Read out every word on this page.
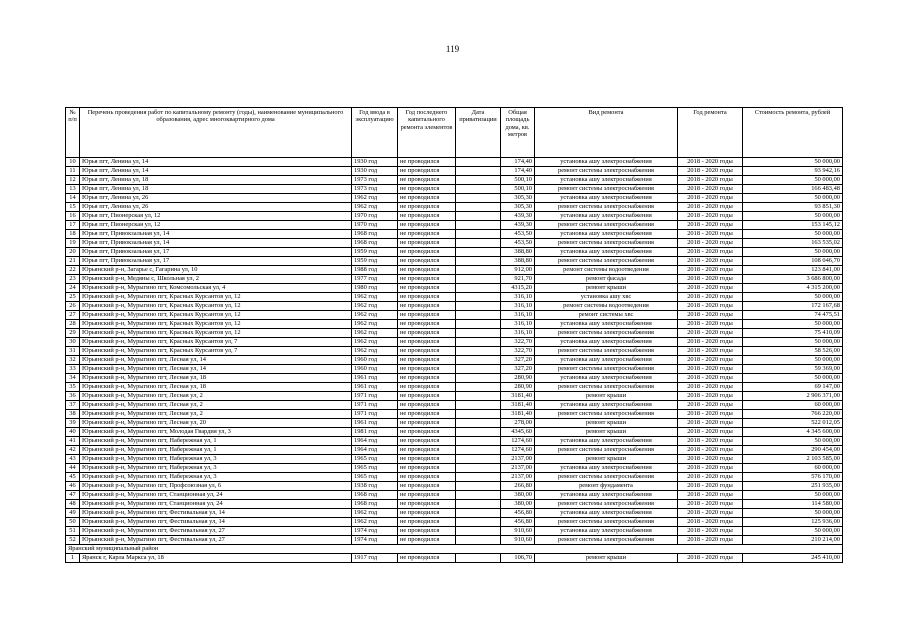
119
№ п/п	Перечень проведения работ по капитальному ремонту (годы), наименование муниципального образования, адрес многоквартирного дома	Год ввода в эксплуатацию	Год последнего капитального ремонта элементов	Дата приватизации	Общая площадь дома, кв. метров	Вид ремонта	Год ремонта	Стоимость ремонта, рублей
10	Юрья пгт, Ленина ул, 14	1930 год	не проводился		174,40	установка ашу электроснабжения	2018 - 2020 годы	50 000,00
11	Юрья пгт, Ленина ул, 14	1930 год	не проводился		174,40	ремонт системы электроснабжения	2018 - 2020 годы	93 942,16
12	Юрья пгт, Ленина ул, 18	1973 год	не проводился		500,10	установка ашу электроснабжения	2018 - 2020 годы	50 000,00
13	Юрья пгт, Ленина ул, 18	1973 год	не проводился		500,10	ремонт системы электроснабжения	2018 - 2020 годы	166 483,48
14	Юрья пгт, Ленина ул, 26	1962 год	не проводился		305,30	установка ашу электроснабжения	2018 - 2020 годы	50 000,00
15	Юрья пгт, Ленина ул, 26	1962 год	не проводился		305,30	ремонт системы электроснабжения	2018 - 2020 годы	93 851,30
16	Юрья пгт, Пионерская ул, 12	1970 год	не проводился		439,30	установка ашу электроснабжения	2018 - 2020 годы	50 000,00
17	Юрья пгт, Пионерская ул, 12	1970 год	не проводился		439,30	ремонт системы электроснабжения	2018 - 2020 годы	153 145,12
18	Юрья пгт, Привокзальная ул, 14	1968 год	не проводился		453,50	установка ашу электроснабжения	2018 - 2020 годы	50 000,00
19	Юрья пгт, Привокзальная ул, 14	1968 год	не проводился		453,50	ремонт системы электроснабжения	2018 - 2020 годы	163 535,02
20	Юрья пгт, Привокзальная ул, 17	1959 год	не проводился		388,80	установка ашу электроснабжения	2018 - 2020 годы	50 000,00
21	Юрья пгт, Привокзальная ул, 17	1959 год	не проводился		388,80	ремонт системы электроснабжения	2018 - 2020 годы	108 046,70
22	Юрьянский р-н, Загарье с, Гагарина ул, 10	1988 год	не проводился		912,00	ремонт системы водоотведения	2018 - 2020 годы	123 841,00
23	Юрьянский р-н, Медяны с, Школьная ул, 2	1977 год	не проводился		921,70	ремонт фасада	2018 - 2020 годы	3 686 800,00
24	Юрьянский р-н, Мурыгино пгт, Комсомольская ул, 4	1980 год	не проводился		4315,20	ремонт крыши	2018 - 2020 годы	4 315 200,00
25	Юрьянский р-н, Мурыгино пгт, Красных Курсантов ул, 12	1962 год	не проводился		316,10	установка ашу хвс	2018 - 2020 годы	50 000,00
26	Юрьянский р-н, Мурыгино пгт, Красных Курсантов ул, 12	1962 год	не проводился		316,10	ремонт системы водоотведения	2018 - 2020 годы	172 167,68
27	Юрьянский р-н, Мурыгино пгт, Красных Курсантов ул, 12	1962 год	не проводился		316,10	ремонт системы хвс	2018 - 2020 годы	74 475,51
28	Юрьянский р-н, Мурыгино пгт, Красных Курсантов ул, 12	1962 год	не проводился		316,10	установка ашу электроснабжения	2018 - 2020 годы	50 000,00
29	Юрьянский р-н, Мурыгино пгт, Красных Курсантов ул, 12	1962 год	не проводился		316,10	ремонт системы электроснабжения	2018 - 2020 годы	75 410,09
30	Юрьянский р-н, Мурыгино пгт, Красных Курсантов ул, 7	1962 год	не проводился		322,70	установка ашу электроснабжения	2018 - 2020 годы	50 000,00
31	Юрьянский р-н, Мурыгино пгт, Красных Курсантов ул, 7	1962 год	не проводился		322,70	ремонт системы электроснабжения	2018 - 2020 годы	58 526,00
32	Юрьянский р-н, Мурыгино пгт, Лесная ул, 14	1960 год	не проводился		327,20	установка ашу электроснабжения	2018 - 2020 годы	50 000,00
33	Юрьянский р-н, Мурыгино пгт, Лесная ул, 14	1960 год	не проводился		327,20	ремонт системы электроснабжения	2018 - 2020 годы	59 369,00
34	Юрьянский р-н, Мурыгино пгт, Лесная ул, 18	1961 год	не проводился		280,90	установка ашу электроснабжения	2018 - 2020 годы	50 000,00
35	Юрьянский р-н, Мурыгино пгт, Лесная ул, 18	1961 год	не проводился		280,90	ремонт системы электроснабжения	2018 - 2020 годы	69 147,00
36	Юрьянский р-н, Мурыгино пгт, Лесная ул, 2	1971 год	не проводился		3181,40	ремонт крыши	2018 - 2020 годы	2 906 371,00
37	Юрьянский р-н, Мурыгино пгт, Лесная ул, 2	1971 год	не проводился		3181,40	установка ашу электроснабжения	2018 - 2020 годы	60 000,00
38	Юрьянский р-н, Мурыгино пгт, Лесная ул, 2	1971 год	не проводился		3181,40	ремонт системы электроснабжения	2018 - 2020 годы	766 220,00
39	Юрьянский р-н, Мурыгино пгт, Лесная ул, 20	1961 год	не проводился		278,00	ремонт крыши	2018 - 2020 годы	522 012,05
40	Юрьянский р-н, Мурыгино пгт, Молодая Гвардия ул, 3	1981 год	не проводился		4345,60	ремонт крыши	2018 - 2020 годы	4 345 600,00
41	Юрьянский р-н, Мурыгино пгт, Набережная ул, 1	1964 год	не проводился		1274,60	установка ашу электроснабжения	2018 - 2020 годы	50 000,00
42	Юрьянский р-н, Мурыгино пгт, Набережная ул, 1	1964 год	не проводился		1274,60	ремонт системы электроснабжения	2018 - 2020 годы	290 454,00
43	Юрьянский р-н, Мурыгино пгт, Набережная ул, 3	1965 год	не проводился		2137,00	ремонт крыши	2018 - 2020 годы	2 103 585,00
44	Юрьянский р-н, Мурыгино пгт, Набережная ул, 3	1965 год	не проводился		2137,00	установка ашу электроснабжения	2018 - 2020 годы	60 000,00
45	Юрьянский р-н, Мурыгино пгт, Набережная ул, 3	1965 год	не проводился		2137,00	ремонт системы электроснабжения	2018 - 2020 годы	576 170,00
46	Юрьянский р-н, Мурыгино пгт, Профсоюзная ул, 6	1938 год	не проводился		266,80	ремонт фундамента	2018 - 2020 годы	251 935,00
47	Юрьянский р-н, Мурыгино пгт, Станционная ул, 24	1968 год	не проводился		380,00	установка ашу электроснабжения	2018 - 2020 годы	50 000,00
48	Юрьянский р-н, Мурыгино пгт, Станционная ул, 24	1968 год	не проводился		380,00	ремонт системы электроснабжения	2018 - 2020 годы	114 580,00
49	Юрьянский р-н, Мурыгино пгт, Фестивальная ул, 14	1962 год	не проводился		456,80	установка ашу электроснабжения	2018 - 2020 годы	50 000,00
50	Юрьянский р-н, Мурыгино пгт, Фестивальная ул, 14	1962 год	не проводился		456,80	ремонт системы электроснабжения	2018 - 2020 годы	125 936,00
51	Юрьянский р-н, Мурыгино пгт, Фестивальная ул, 27	1974 год	не проводился		910,60	установка ашу электроснабжения	2018 - 2020 годы	50 000,00
52	Юрьянский р-н, Мурыгино пгт, Фестивальная ул, 27	1974 год	не проводился		910,60	ремонт системы электроснабжения	2018 - 2020 годы	210 214,00
Яранский муниципальный район								
1	Яранск г, Карла Маркса ул, 18	1917 год	не проводился		106,70	ремонт крыши	2018 - 2020 годы	245 410,00
